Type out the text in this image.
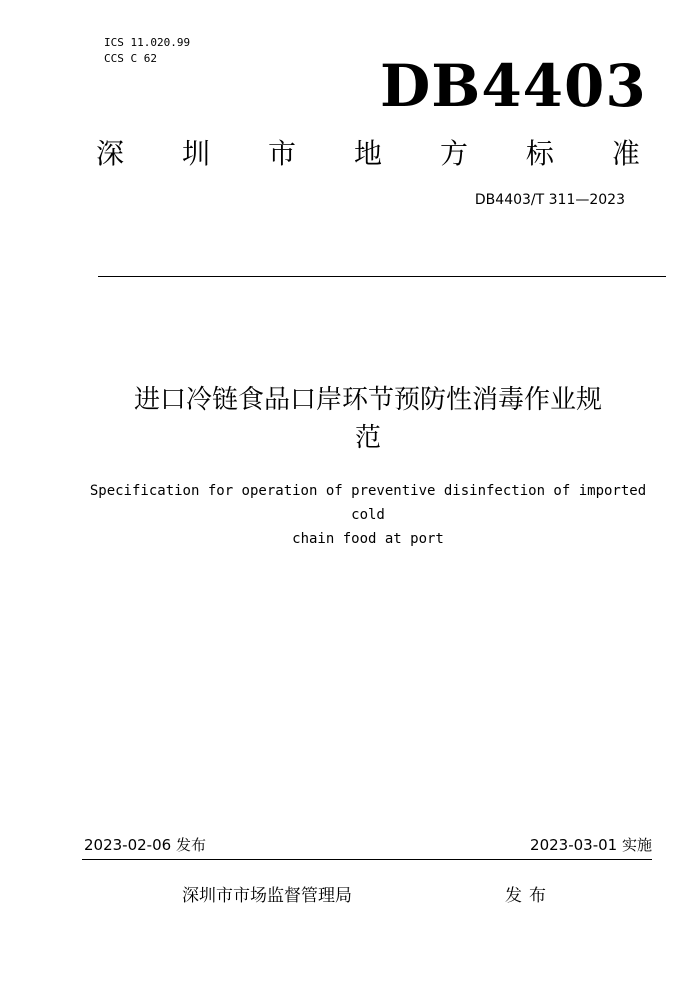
ICS 11.020.99
CCS C 62	DB4403
深 圳 市 地 方 标 准
DB4403/T 311—2023
进口冷链食品口岸环节预防性消毒作业规
范
Specification for operation of preventive disinfection of imported cold
chain food at port
2023-02-06 发布	2023-03-01 实施
深圳市市场监督管理局	发布
